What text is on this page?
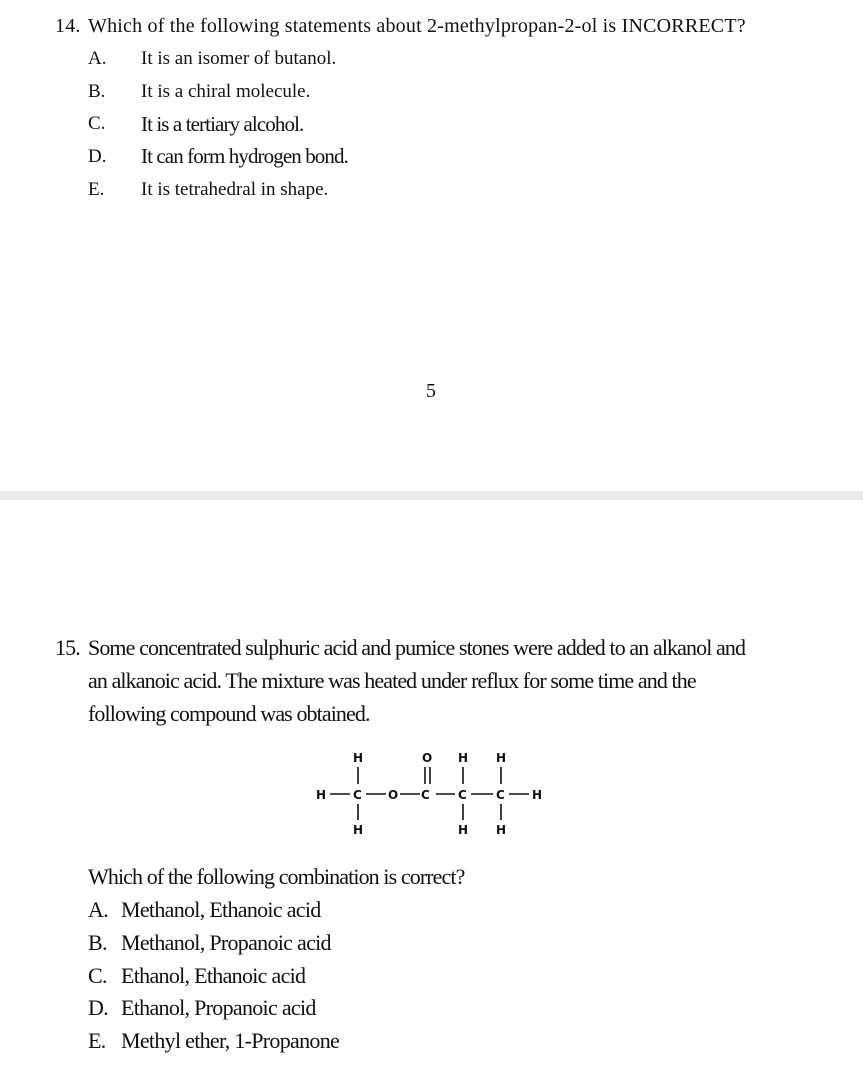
14. Which of the following statements about 2-methylpropan-2-ol is INCORRECT?
A. It is an isomer of butanol.
B. It is a chiral molecule.
C. It is a tertiary alcohol.
D. It can form hydrogen bond.
E. It is tetrahedral in shape.
5
15. Some concentrated sulphuric acid and pumice stones were added to an alkanol and
an alkanoic acid. The mixture was heated under reflux for some time and the
following compound was obtained.
H C
H
H
O C
O
C
H
H
C
H
H
H
Which of the following combination is correct?
A. Methanol, Ethanoic acid
B. Methanol, Propanoic acid
C. Ethanol, Ethanoic acid
D. Ethanol, Propanoic acid
E. Methyl ether, 1-Propanone
